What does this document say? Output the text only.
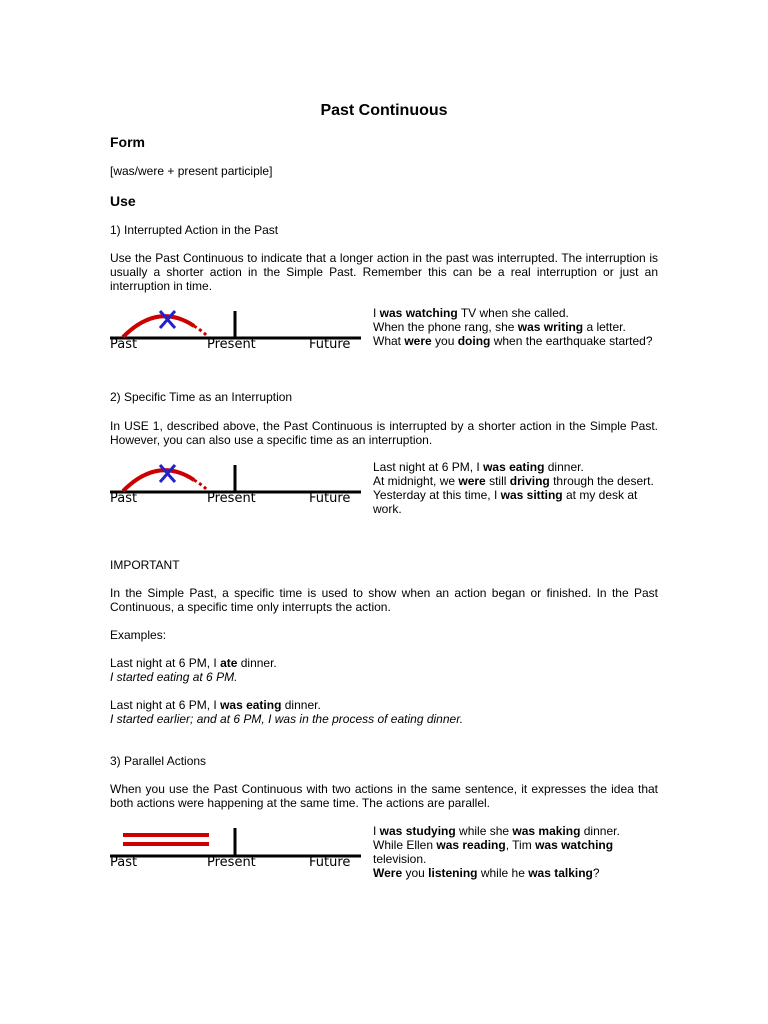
Past Continuous
Form

[was/were + present participle]

Use

1) Interrupted Action in the Past

Use the Past Continuous to indicate that a longer action in the past was interrupted. The interruption is usually a shorter action in the Simple Past. Remember this can be a real interruption or just an interruption in time.

Past	Present	Future
I was watching TV when she called.
When the phone rang, she was writing a letter.
What were you doing when the earthquake started?

2) Specific Time as an Interruption

In USE 1, described above, the Past Continuous is interrupted by a shorter action in the Simple Past. However, you can also use a specific time as an interruption.

Past	Present	Future
Last night at 6 PM, I was eating dinner.
At midnight, we were still driving through the desert.
Yesterday at this time, I was sitting at my desk at work.

IMPORTANT

In the Simple Past, a specific time is used to show when an action began or finished. In the Past Continuous, a specific time only interrupts the action.

Examples:

Last night at 6 PM, I ate dinner.

I started eating at 6 PM.

Last night at 6 PM, I was eating dinner.

I started earlier; and at 6 PM, I was in the process of eating dinner.

3) Parallel Actions

When you use the Past Continuous with two actions in the same sentence, it expresses the idea that both actions were happening at the same time. The actions are parallel.

Past	Present	Future
I was studying while she was making dinner.
While Ellen was reading, Tim was watching television.
Were you listening while he was talking?
